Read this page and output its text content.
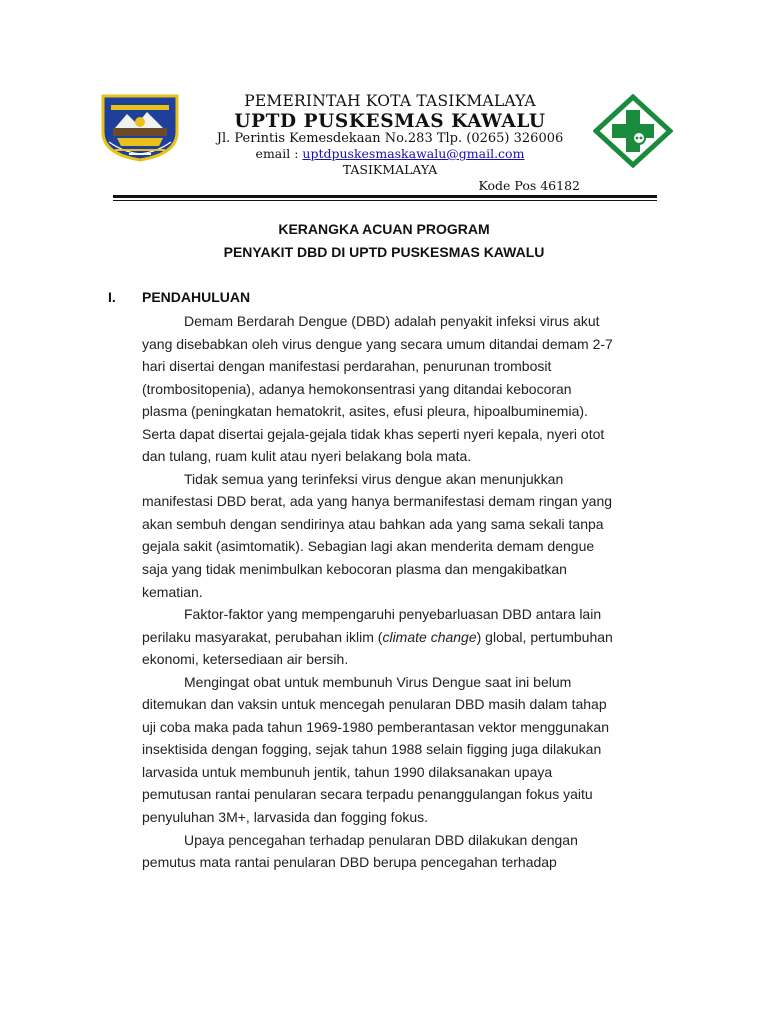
PEMERINTAH KOTA TASIKMALAYA
UPTD PUSKESMAS KAWALU
Jl. Perintis Kemesdekaan No.283 Tlp. (0265) 326006
email : uptdpuskesmaskawalu@gmail.com
TASIKMALAYA
Kode Pos 46182
KERANGKA ACUAN PROGRAM
PENYAKIT DBD DI UPTD PUSKESMAS KAWALU
I. PENDAHULUAN

Demam Berdarah Dengue (DBD) adalah penyakit infeksi virus akut yang disebabkan oleh virus dengue yang secara umum ditandai demam 2-7 hari disertai dengan manifestasi perdarahan, penurunan trombosit (trombositopenia), adanya hemokonsentrasi yang ditandai kebocoran plasma (peningkatan hematokrit, asites, efusi pleura, hipoalbuminemia). Serta dapat disertai gejala-gejala tidak khas seperti nyeri kepala, nyeri otot dan tulang, ruam kulit atau nyeri belakang bola mata.

Tidak semua yang terinfeksi virus dengue akan menunjukkan manifestasi DBD berat, ada yang hanya bermanifestasi demam ringan yang akan sembuh dengan sendirinya atau bahkan ada yang sama sekali tanpa gejala sakit (asimtomatik). Sebagian lagi akan menderita demam dengue saja yang tidak menimbulkan kebocoran plasma dan mengakibatkan kematian.

Faktor-faktor yang mempengaruhi penyebarluasan DBD antara lain perilaku masyarakat, perubahan iklim (climate change) global, pertumbuhan ekonomi, ketersediaan air bersih.

Mengingat obat untuk membunuh Virus Dengue saat ini belum ditemukan dan vaksin untuk mencegah penularan DBD masih dalam tahap uji coba maka pada tahun 1969-1980 pemberantasan vektor menggunakan insektisida dengan fogging, sejak tahun 1988 selain figging juga dilakukan larvasida untuk membunuh jentik, tahun 1990 dilaksanakan upaya pemutusan rantai penularan secara terpadu penanggulangan fokus yaitu penyuluhan 3M+, larvasida dan fogging fokus.

Upaya pencegahan terhadap penularan DBD dilakukan dengan pemutus mata rantai penularan DBD berupa pencegahan terhadap
